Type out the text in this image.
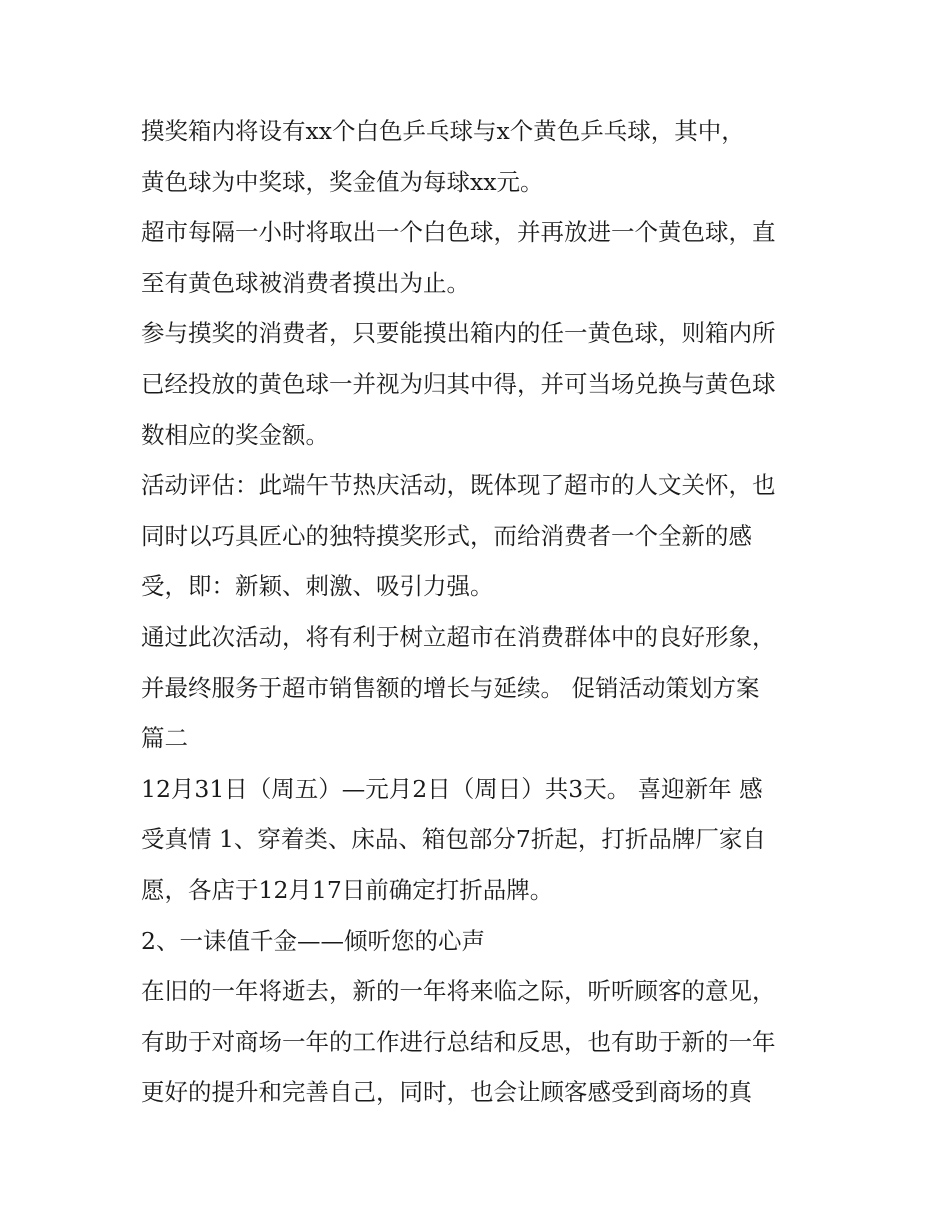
摸奖箱内将设有xx个白色乒乓球与x个黄色乒乓球，其中，
黄色球为中奖球，奖金值为每球xx元。
超市每隔一小时将取出一个白色球，并再放进一个黄色球，直
至有黄色球被消费者摸出为止。
参与摸奖的消费者，只要能摸出箱内的任一黄色球，则箱内所
已经投放的黄色球一并视为归其中得，并可当场兑换与黄色球
数相应的奖金额。
活动评估：此端午节热庆活动，既体现了超市的人文关怀，也
同时以巧具匠心的独特摸奖形式，而给消费者一个全新的感
受，即：新颖、刺激、吸引力强。
通过此次活动，将有利于树立超市在消费群体中的良好形象，
并最终服务于超市销售额的增长与延续。 促销活动策划方案
篇二
12月31日（周五）—元月2日（周日）共3天。 喜迎新年 感
受真情 1、穿着类、床品、箱包部分7折起，打折品牌厂家自
愿，各店于12月17日前确定打折品牌。
2、一诔值千金——倾听您的心声
在旧的一年将逝去，新的一年将来临之际，听听顾客的意见，
有助于对商场一年的工作进行总结和反思，也有助于新的一年
更好的提升和完善自己，同时，也会让顾客感受到商场的真
